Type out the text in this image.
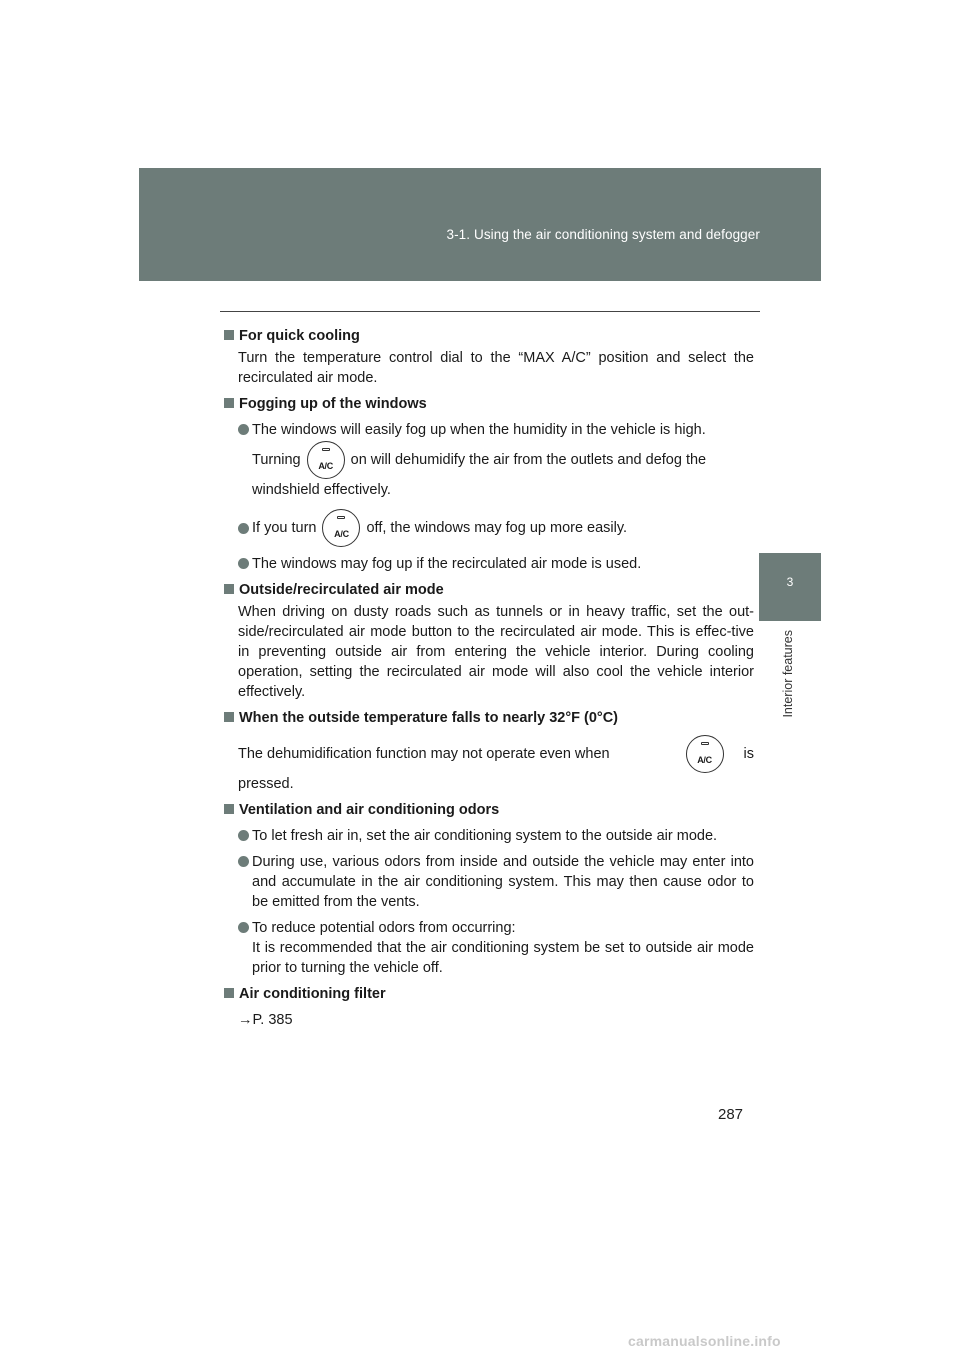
3-1. Using the air conditioning system and defogger
3
Interior features

For quick cooling

Turn the temperature control dial to the “MAX A/C” position and select the recirculated air mode.

Fogging up of the windows

The windows will easily fog up when the humidity in the vehicle is high.

Turning	A/C	on will dehumidify the air from the outlets and defog the

windshield effectively.

If you turn	A/C	off, the windows may fog up more easily.

The windows may fog up if the recirculated air mode is used.

Outside/recirculated air mode

When driving on dusty roads such as tunnels or in heavy traffic, set the out-side/recirculated air mode button to the recirculated air mode. This is effec-tive in preventing outside air from entering the vehicle interior. During cooling operation, setting the recirculated air mode will also cool the vehicle interior effectively.

When the outside temperature falls to nearly 32°F (0°C)

The dehumidification function may not operate even when	A/C	is

pressed.

Ventilation and air conditioning odors

To let fresh air in, set the air conditioning system to the outside air mode.

During use, various odors from inside and outside the vehicle may enter into and accumulate in the air conditioning system. This may then cause odor to be emitted from the vents.

To reduce potential odors from occurring:
It is recommended that the air conditioning system be set to outside air mode prior to turning the vehicle off.

Air conditioning filter

→P. 385

287
carmanualsonline.info
